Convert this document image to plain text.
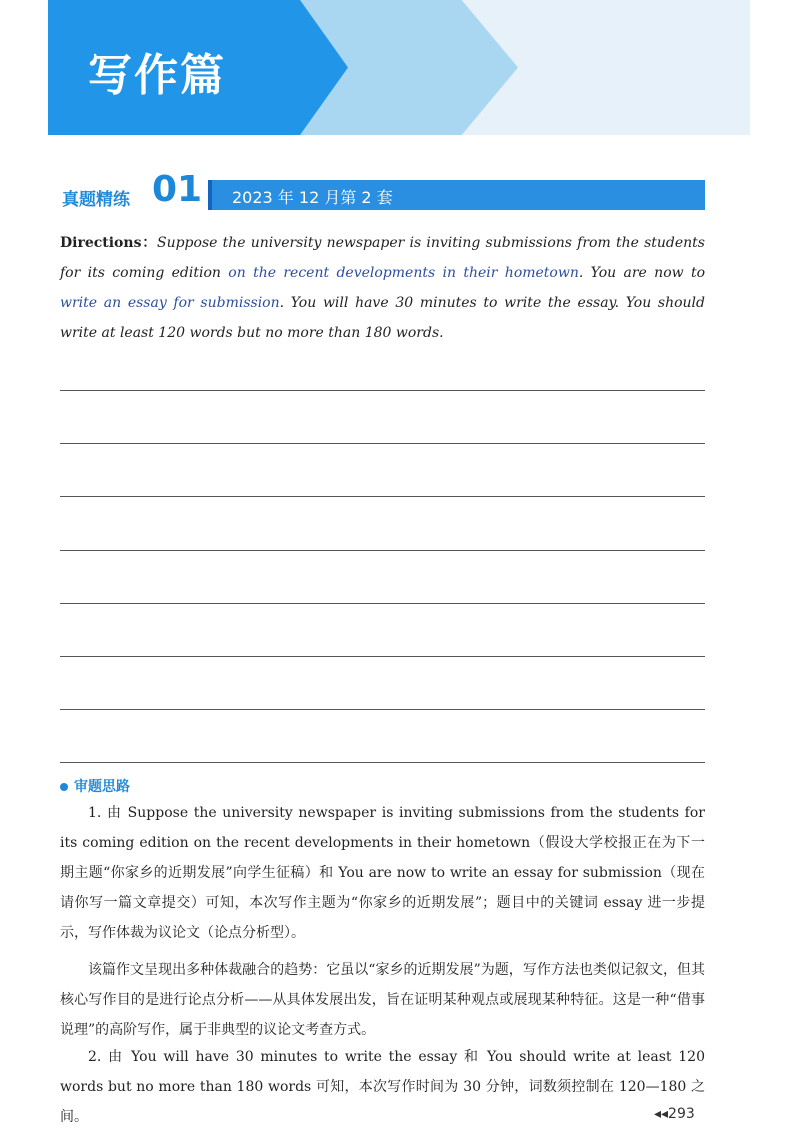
写作篇
真题精练 01 2023 年 12 月第 2 套
Directions：Suppose the university newspaper is inviting submissions from the students for its coming edition on the recent developments in their hometown. You are now to write an essay for submission. You will have 30 minutes to write the essay. You should write at least 120 words but no more than 180 words.
审题思路
1. 由 Suppose the university newspaper is inviting submissions from the students for its coming edition on the recent developments in their hometown（假设大学校报正在为下一期主题“你家乡的近期发展”向学生征稿）和 You are now to write an essay for submission（现在请你写一篇文章提交）可知，本次写作主题为“你家乡的近期发展”；题目中的关键词 essay 进一步提示，写作体裁为议论文（论点分析型）。
该篇作文呈现出多种体裁融合的趋势：它虽以“家乡的近期发展”为题，写作方法也类似记叙文，但其核心写作目的是进行论点分析——从具体发展出发，旨在证明某种观点或展现某种特征。这是一种“借事说理”的高阶写作，属于非典型的议论文考查方式。
2. 由 You will have 30 minutes to write the essay 和 You should write at least 120 words but no more than 180 words 可知，本次写作时间为 30 分钟，词数须控制在 120—180 之间。	◂◂293
